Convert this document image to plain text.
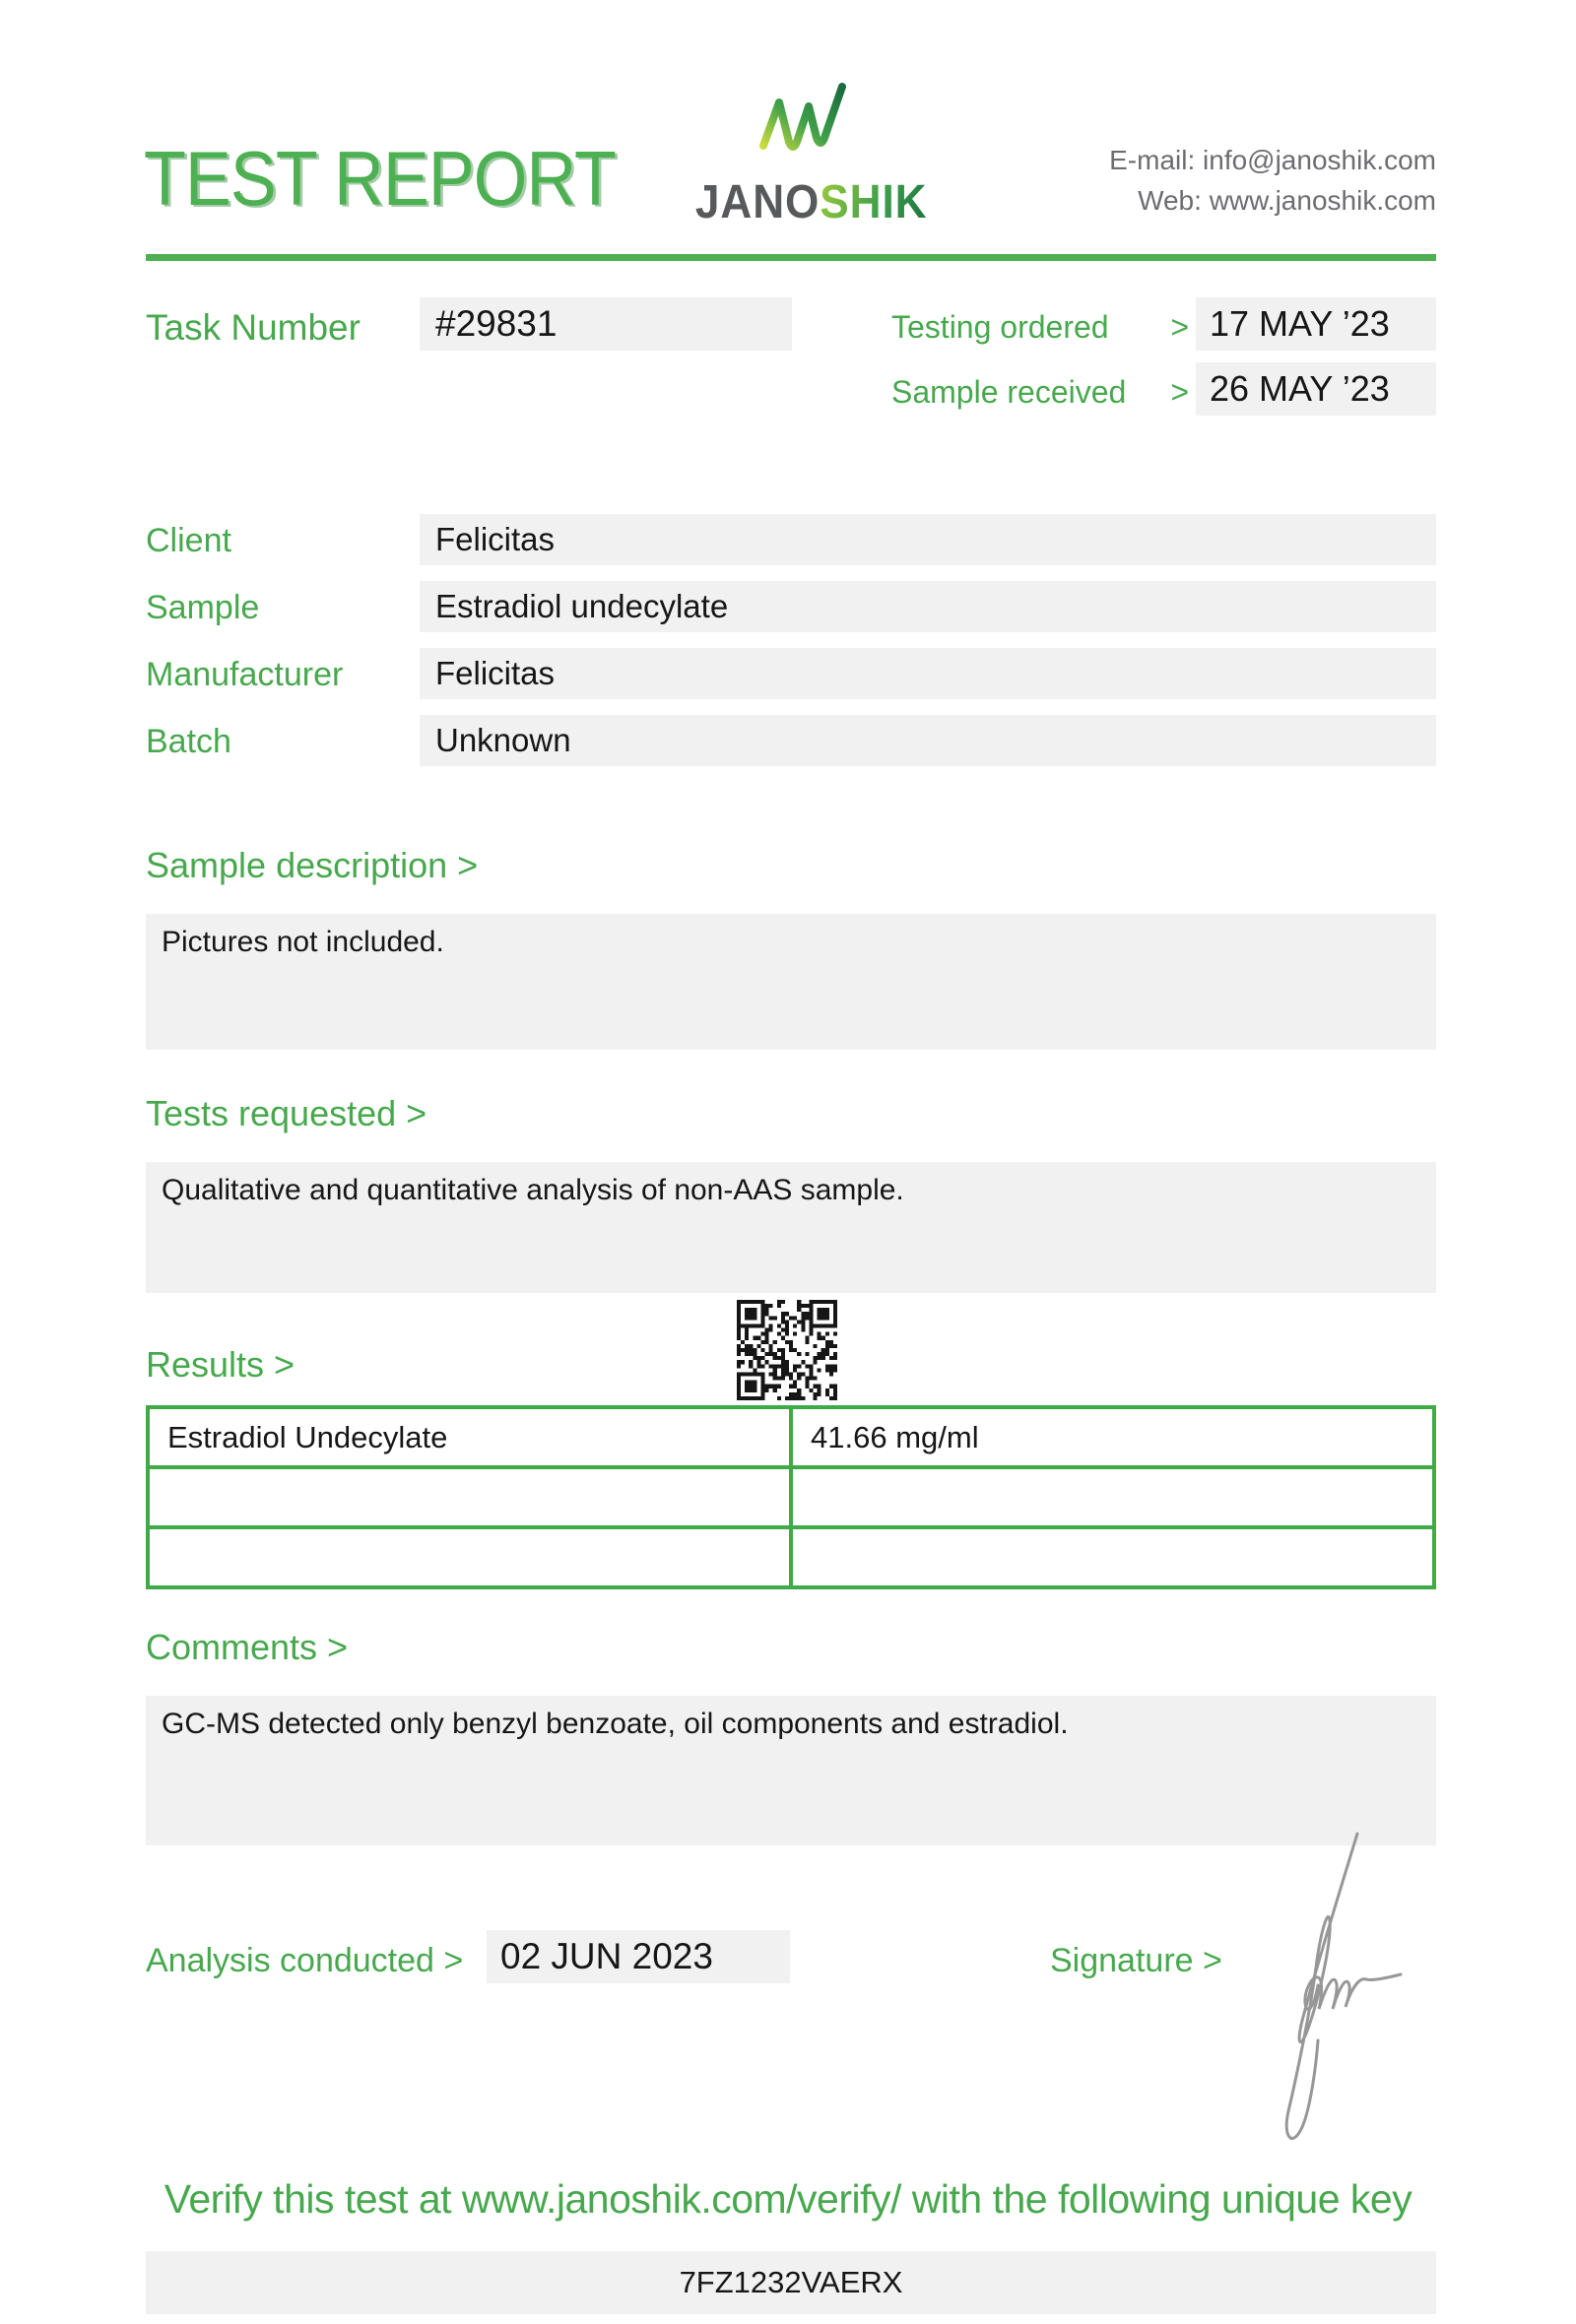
TEST REPORT JANOSHIK
E-mail: info@janoshik.com
Web: www.janoshik.com
Task Number	#29831	Testing ordered > 17 MAY ’23
Sample received > 26 MAY ’23
Client	Felicitas
Sample	Estradiol undecylate
Manufacturer	Felicitas
Batch	Unknown
Sample description >
Pictures not included.
Tests requested >
Qualitative and quantitative analysis of non-AAS sample.
Results >
Estradiol Undecylate	41.66 mg/ml

Comments >
GC-MS detected only benzyl benzoate, oil components and estradiol.
Analysis conducted >	02 JUN 2023	Signature >
Verify this test at www.janoshik.com/verify/ with the following unique key
7FZ1232VAERX
